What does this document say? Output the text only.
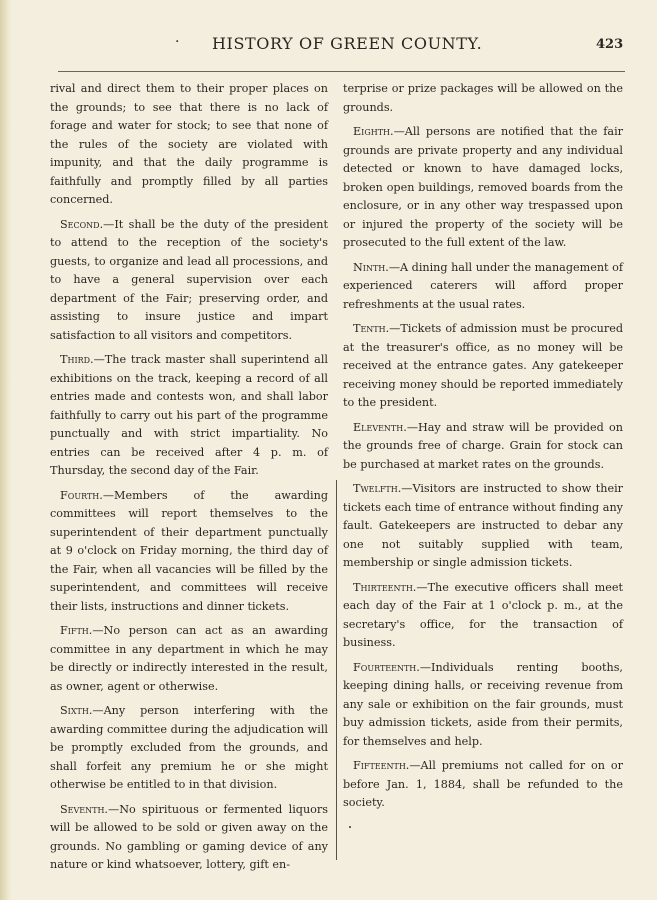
· HISTORY OF GREEN COUNTY.	423

rival and direct them to their proper places on the grounds; to see that there is no lack of forage and water for stock; to see that none of the rules of the society are violated with impunity, and that the daily programme is faithfully and promptly filled by all parties concerned.

Second.—It shall be the duty of the president to attend to the reception of the society's guests, to organize and lead all processions, and to have a general supervision over each department of the Fair; preserving order, and assisting to insure justice and impart satisfaction to all visitors and competitors.

Third.—The track master shall superintend all exhibitions on the track, keeping a record of all entries made and contests won, and shall labor faithfully to carry out his part of the programme punctually and with strict impartiality. No entries can be received after 4 p. m. of Thursday, the second day of the Fair.

Fourth.—Members of the awarding committees will report themselves to the superintendent of their department punctually at 9 o'clock on Friday morning, the third day of the Fair, when all vacancies will be filled by the superintendent, and committees will receive their lists, instructions and dinner tickets.

Fifth.—No person can act as an awarding committee in any department in which he may be directly or indirectly interested in the result, as owner, agent or otherwise.

Sixth.—Any person interfering with the awarding committee during the adjudication will be promptly excluded from the grounds, and shall forfeit any premium he or she might otherwise be entitled to in that division.

Seventh.—No spirituous or fermented liquors will be allowed to be sold or given away on the grounds. No gambling or gaming device of any nature or kind whatsoever, lottery, gift en-

terprise or prize packages will be allowed on the grounds.

Eighth.—All persons are notified that the fair grounds are private property and any individual detected or known to have damaged locks, broken open buildings, removed boards from the enclosure, or in any other way trespassed upon or injured the property of the society will be prosecuted to the full extent of the law.

Ninth.—A dining hall under the management of experienced caterers will afford proper refreshments at the usual rates.

Tenth.—Tickets of admission must be procured at the treasurer's office, as no money will be received at the entrance gates. Any gatekeeper receiving money should be reported immediately to the president.

Eleventh.—Hay and straw will be provided on the grounds free of charge. Grain for stock can be purchased at market rates on the grounds.

Twelfth.—Visitors are instructed to show their tickets each time of entrance without finding any fault. Gatekeepers are instructed to debar any one not suitably supplied with team, membership or single admission tickets.

Thirteenth.—The executive officers shall meet each day of the Fair at 1 o'clock p. m., at the secretary's office, for the transaction of business.

Fourteenth.—Individuals renting booths, keeping dining halls, or receiving revenue from any sale or exhibition on the fair grounds, must buy admission tickets, aside from their permits, for themselves and help.

Fifteenth.—All premiums not called for on or before Jan. 1, 1884, shall be refunded to the society.
